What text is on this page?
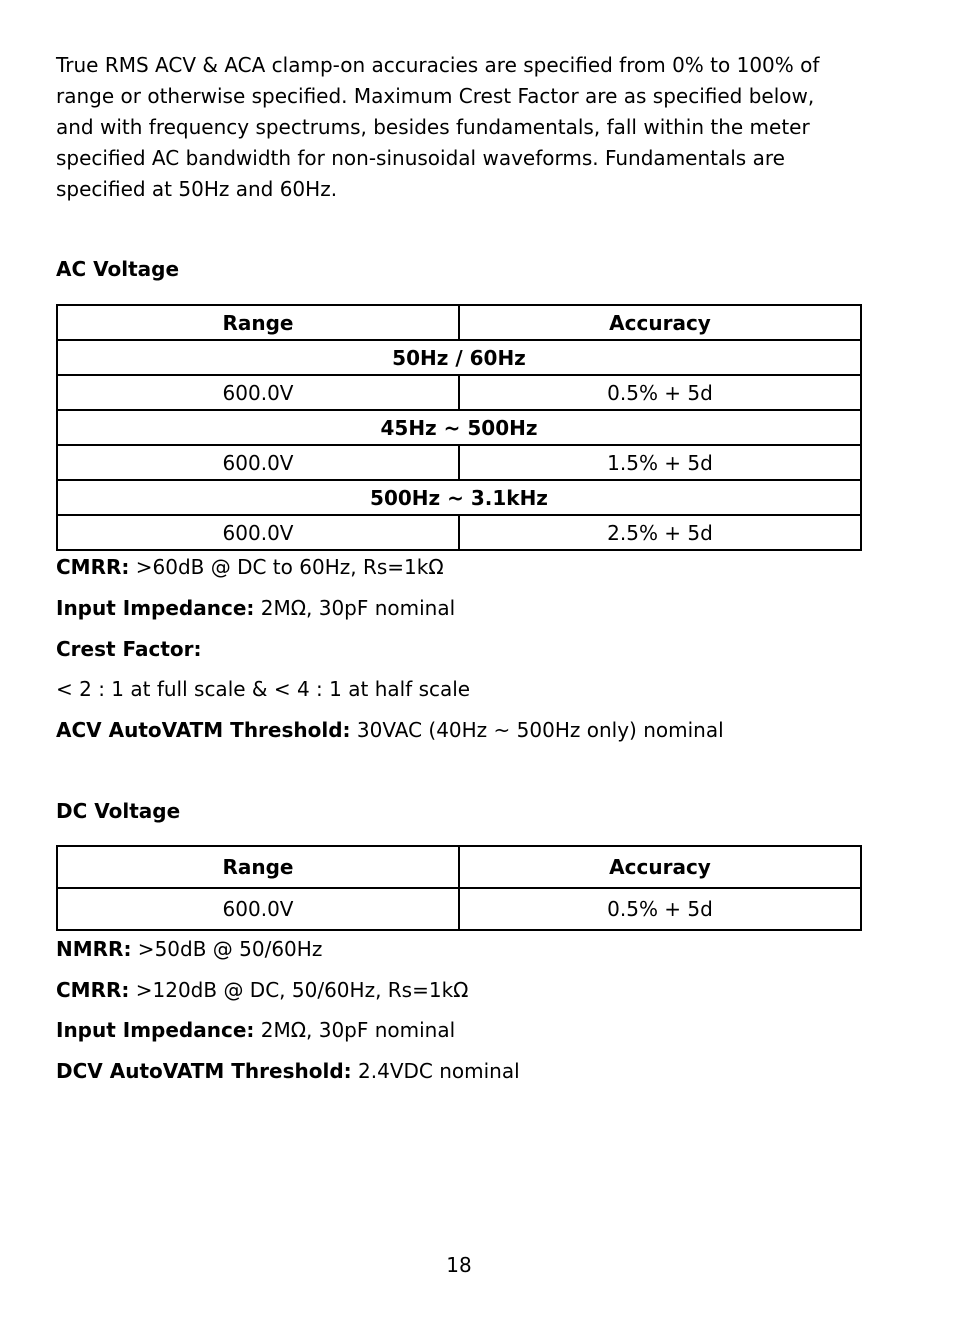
True RMS ACV & ACA clamp-on accuracies are specified from 0% to 100% of range or otherwise specified. Maximum Crest Factor are as specified below, and with frequency spectrums, besides fundamentals, fall within the meter specified AC bandwidth for non-sinusoidal waveforms. Fundamentals are specified at 50Hz and 60Hz.

AC Voltage

Range	Accuracy
50Hz / 60Hz	
600.0V	0.5% + 5d
45Hz ~ 500Hz	
600.0V	1.5% + 5d
500Hz ~ 3.1kHz	
600.0V	2.5% + 5d

CMRR: >60dB @ DC to 60Hz, Rs=1kΩ

Input Impedance: 2MΩ, 30pF nominal

Crest Factor:

< 2 : 1 at full scale & < 4 : 1 at half scale

ACV AutoVATM Threshold: 30VAC (40Hz ~ 500Hz only) nominal

DC Voltage

Range	Accuracy
600.0V	0.5% + 5d

NMRR: >50dB @ 50/60Hz

CMRR: >120dB @ DC, 50/60Hz, Rs=1kΩ

Input Impedance: 2MΩ, 30pF nominal

DCV AutoVATM Threshold: 2.4VDC nominal

18
